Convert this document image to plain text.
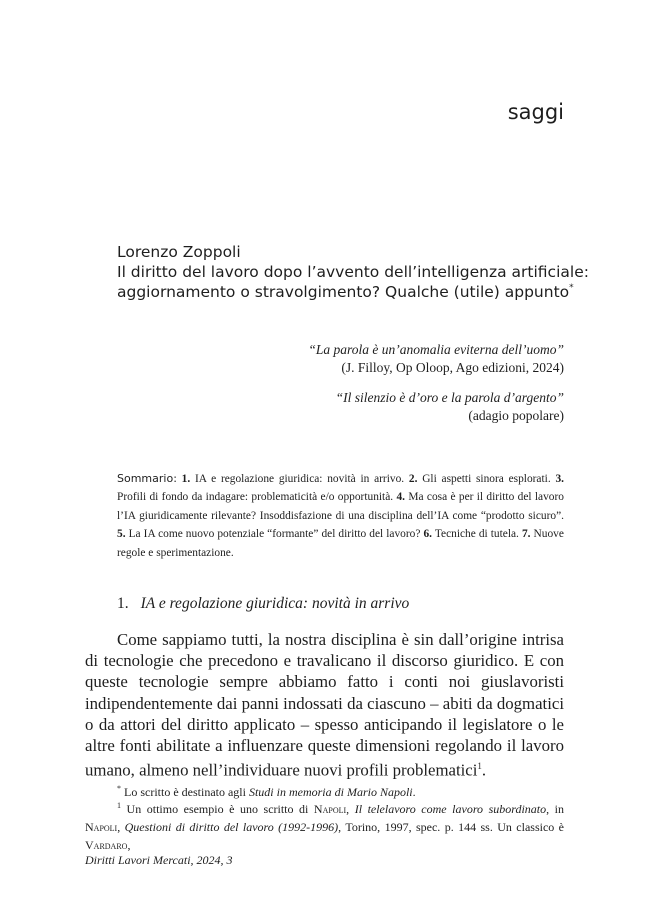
saggi
Lorenzo Zoppoli
Il diritto del lavoro dopo l’avvento dell’intelligenza artificiale:
aggiornamento o stravolgimento? Qualche (utile) appunto*
“La parola è un’anomalia eviterna dell’uomo”
(J. Filloy, Op Oloop, Ago edizioni, 2024)
“Il silenzio è d’oro e la parola d’argento”
(adagio popolare)
Sommario: 1. IA e regolazione giuridica: novità in arrivo. 2. Gli aspetti sinora esplorati. 3. Profili di fondo da indagare: problematicità e/o opportunità. 4. Ma cosa è per il diritto del lavoro l’IA giuridicamente rilevante? Insoddisfazione di una disciplina dell’IA come “prodotto sicuro”. 5. La IA come nuovo potenziale “formante” del diritto del lavoro? 6. Tecniche di tutela. 7. Nuove regole e sperimentazione.
1. IA e regolazione giuridica: novità in arrivo
Come sappiamo tutti, la nostra disciplina è sin dall’origine intrisa di tecnologie che precedono e travalicano il discorso giuridico. E con queste tecnologie sempre abbiamo fatto i conti noi giuslavoristi indipendentemente dai panni indossati da ciascuno – abiti da dogmatici o da attori del diritto applicato – spesso anticipando il legislatore o le altre fonti abilitate a influenzare queste dimensioni regolando il lavoro umano, almeno nell’individuare nuovi profili problematici$^1$.
* Lo scritto è destinato agli Studi in memoria di Mario Napoli.
$^1$ Un ottimo esempio è uno scritto di Napoli, Il telelavoro come lavoro subordinato, in Napoli, Questioni di diritto del lavoro (1992-1996), Torino, 1997, spec. p. 144 ss. Un classico è Vardaro,
Diritti Lavori Mercati, 2024, 3
